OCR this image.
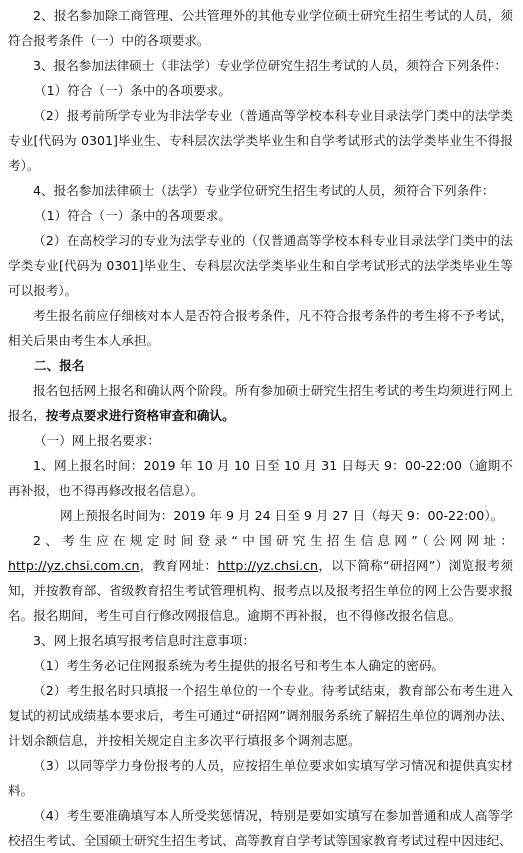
2、报名参加除工商管理、公共管理外的其他专业学位硕士研究生招生考试的人员，须符合报考条件（一）中的各项要求。

3、报名参加法律硕士（非法学）专业学位研究生招生考试的人员，须符合下列条件：

（1）符合（一）条中的各项要求。

（2）报考前所学专业为非法学专业（普通高等学校本科专业目录法学门类中的法学类专业[代码为 0301]毕业生、专科层次法学类毕业生和自学考试形式的法学类毕业生不得报考）。

4、报名参加法律硕士（法学）专业学位研究生招生考试的人员，须符合下列条件：

（1）符合（一）条中的各项要求。

（2）在高校学习的专业为法学专业的（仅普通高等学校本科专业目录法学门类中的法学类专业[代码为 0301]毕业生、专科层次法学类毕业生和自学考试形式的法学类毕业生等可以报考）。

考生报名前应仔细核对本人是否符合报考条件，凡不符合报考条件的考生将不予考试，相关后果由考生本人承担。

二、报名

报名包括网上报名和确认两个阶段。所有参加硕士研究生招生考试的考生均须进行网上报名，按考点要求进行资格审查和确认。

（一）网上报名要求：

1、网上报名时间：2019 年 10 月 10 日至 10 月 31 日每天 9：00-22:00（逾期不再补报，也不得再修改报名信息）。

网上预报名时间为：2019 年 9 月 24 日至 9 月 27 日（每天 9：00-22:00）。

2、考生应在规定时间登录“中国研究生招生信息网”（公网网址：http://yz.chsi.com.cn，教育网址：http://yz.chsi.cn，以下简称“研招网”）浏览报考须知，并按教育部、省级教育招生考试管理机构、报考点以及报考招生单位的网上公告要求报名。报名期间，考生可自行修改网报信息。逾期不再补报，也不得修改报名信息。

3、网上报名填写报考信息时注意事项：

（1）考生务必记住网报系统为考生提供的报名号和考生本人确定的密码。

（2）考生报名时只填报一个招生单位的一个专业。待考试结束，教育部公布考生进入复试的初试成绩基本要求后，考生可通过“研招网”调剂服务系统了解招生单位的调剂办法、计划余额信息，并按相关规定自主多次平行填报多个调剂志愿。

（3）以同等学力身份报考的人员，应按招生单位要求如实填写学习情况和提供真实材料。

（4）考生要准确填写本人所受奖惩情况，特别是要如实填写在参加普通和成人高等学校招生考试、全国硕士研究生招生考试、高等教育自学考试等国家教育考试过程中因违纪、
